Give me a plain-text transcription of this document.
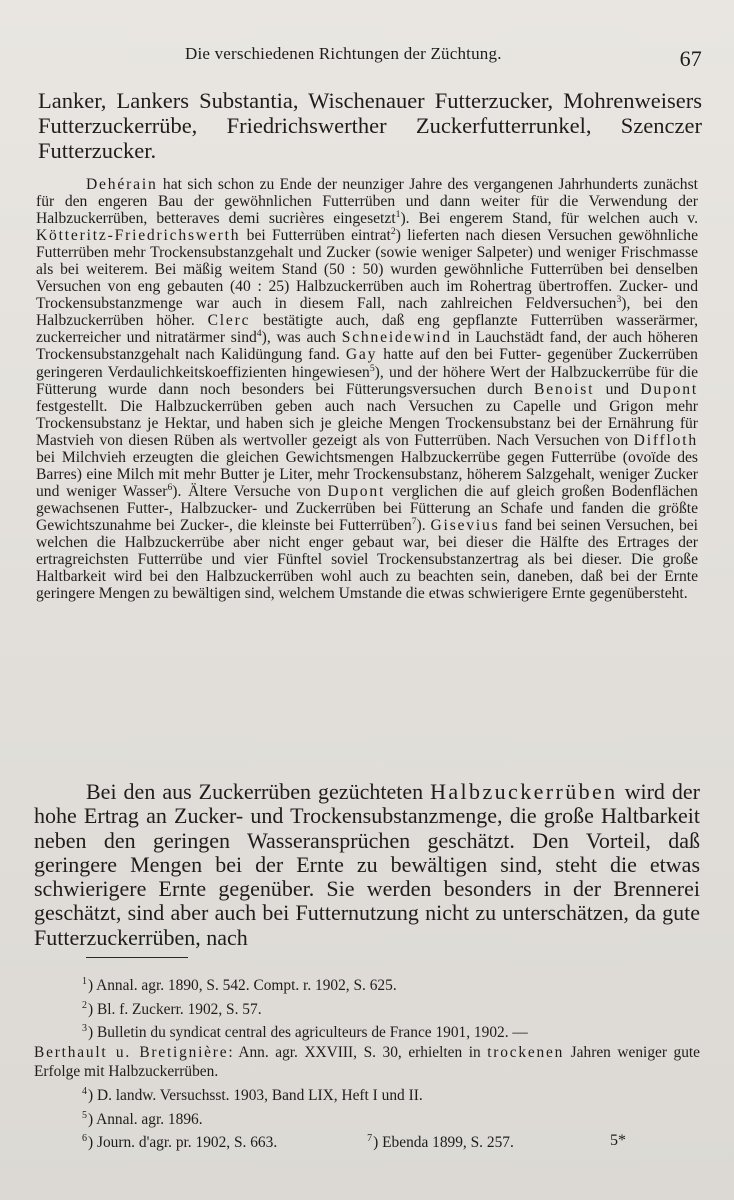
Die verschiedenen Richtungen der Züchtung.	67

Lanker, Lankers Substantia, Wischenauer Futterzucker, Mohrenweisers Futterzuckerrübe, Friedrichswerther Zuckerfutterrunkel, Szenczer Futterzucker.

Dehérain hat sich schon zu Ende der neunziger Jahre des vergangenen Jahrhunderts zunächst für den engeren Bau der gewöhnlichen Futterrüben und dann weiter für die Verwendung der Halbzuckerrüben, betteraves demi sucrières eingesetzt$^1$). Bei engerem Stand, für welchen auch v. Kötteritz-Friedrichswerth bei Futterrüben eintrat$^2$) lieferten nach diesen Versuchen gewöhnliche Futterrüben mehr Trockensubstanzgehalt und Zucker (sowie weniger Salpeter) und weniger Frischmasse als bei weiterem. Bei mäßig weitem Stand (50 : 50) wurden gewöhnliche Futterrüben bei denselben Versuchen von eng gebauten (40 : 25) Halbzuckerrüben auch im Rohertrag übertroffen. Zucker- und Trockensubstanzmenge war auch in diesem Fall, nach zahlreichen Feldversuchen$^3$), bei den Halbzuckerrüben höher. Clerc bestätigte auch, daß eng gepflanzte Futterrüben wasserärmer, zuckerreicher und nitratärmer sind$^4$), was auch Schneidewind in Lauchstädt fand, der auch höheren Trockensubstanzgehalt nach Kalidüngung fand. Gay hatte auf den bei Futter- gegenüber Zuckerrüben geringeren Verdaulichkeitskoeffizienten hingewiesen$^5$), und der höhere Wert der Halbzuckerrübe für die Fütterung wurde dann noch besonders bei Fütterungsversuchen durch Benoist und Dupont festgestellt. Die Halbzuckerrüben geben auch nach Versuchen zu Capelle und Grigon mehr Trockensubstanz je Hektar, und haben sich je gleiche Mengen Trockensubstanz bei der Ernährung für Mastvieh von diesen Rüben als wertvoller gezeigt als von Futterrüben. Nach Versuchen von Diffloth bei Milchvieh erzeugten die gleichen Gewichtsmengen Halbzuckerrübe gegen Futterrübe (ovoïde des Barres) eine Milch mit mehr Butter je Liter, mehr Trockensubstanz, höherem Salzgehalt, weniger Zucker und weniger Wasser$^6$). Ältere Versuche von Dupont verglichen die auf gleich großen Bodenflächen gewachsenen Futter-, Halbzucker- und Zuckerrüben bei Fütterung an Schafe und fanden die größte Gewichtszunahme bei Zucker-, die kleinste bei Futterrüben$^7$). Gisevius fand bei seinen Versuchen, bei welchen die Halbzuckerrübe aber nicht enger gebaut war, bei dieser die Hälfte des Ertrages der ertragreichsten Futterrübe und vier Fünftel soviel Trockensubstanzertrag als bei dieser. Die große Haltbarkeit wird bei den Halbzuckerrüben wohl auch zu beachten sein, daneben, daß bei der Ernte geringere Mengen zu bewältigen sind, welchem Umstande die etwas schwierigere Ernte gegenübersteht.

Bei den aus Zuckerrüben gezüchteten Halbzuckerrüben wird der hohe Ertrag an Zucker- und Trockensubstanzmenge, die große Haltbarkeit neben den geringen Wasseransprüchen geschätzt. Den Vorteil, daß geringere Mengen bei der Ernte zu bewältigen sind, steht die etwas schwierigere Ernte gegenüber. Sie werden besonders in der Brennerei geschätzt, sind aber auch bei Futternutzung nicht zu unterschätzen, da gute Futterzuckerrüben, nach

$^1$) Annal. agr. 1890, S. 542. Compt. r. 1902, S. 625.
$^2$) Bl. f. Zuckerr. 1902, S. 57.
$^3$) Bulletin du syndicat central des agriculteurs de France 1901, 1902. —
Berthault u. Bretignière: Ann. agr. XXVIII, S. 30, erhielten in trockenen Jahren weniger gute Erfolge mit Halbzuckerrüben.
$^4$) D. landw. Versuchsst. 1903, Band LIX, Heft I und II.
$^5$) Annal. agr. 1896.
$^6$) Journ. d'agr. pr. 1902, S. 663.	$^7$) Ebenda 1899, S. 257.	5*
